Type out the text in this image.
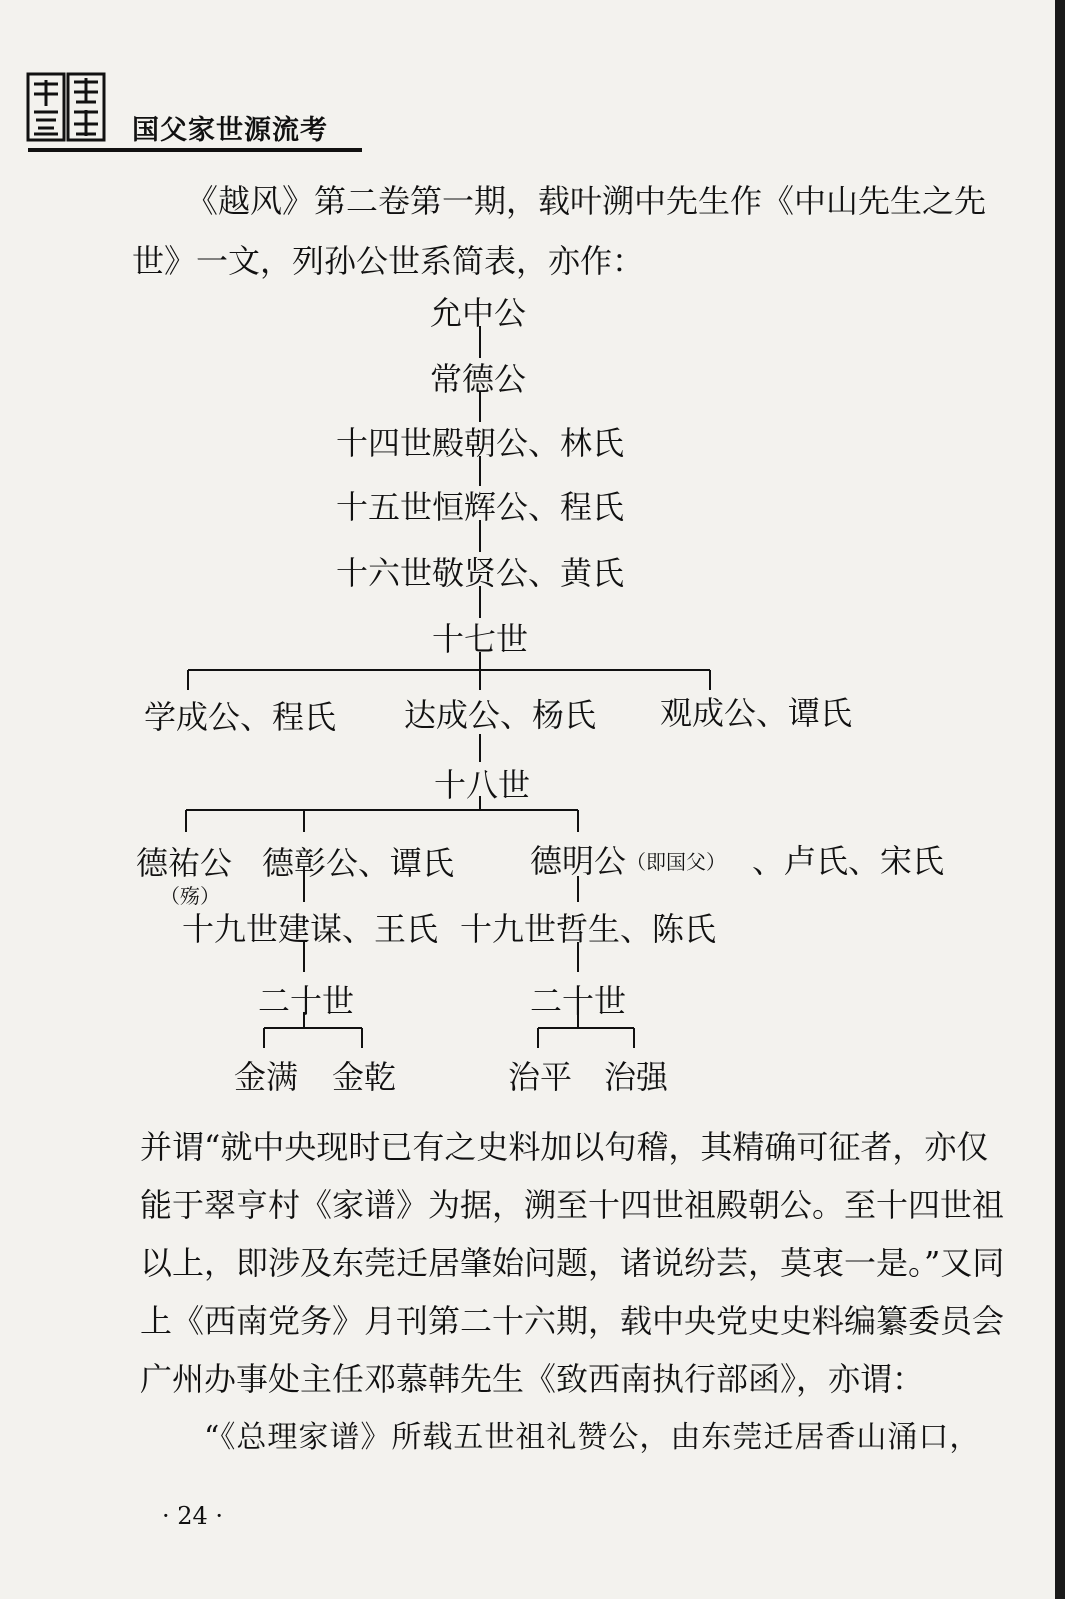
国父家世源流考
《越风》第二卷第一期，载叶溯中先生作《中山先生之先
世》一文，列孙公世系简表，亦作：
允中公
常德公
十四世殿朝公、林氏
十五世恒辉公、程氏
十六世敬贤公、黄氏
十七世
学成公、程氏 达成公、杨氏 观成公、谭氏
十八世
德祐公
（殇）
德彰公、谭氏 德明公 （即国父） 、卢氏、宋氏
十九世建谋、王氏 十九世哲生、陈氏
二十世	二十世
金满 金乾	治平 治强
并谓“就中央现时已有之史料加以句稽，其精确可征者，亦仅
能于翠亨村《家谱》为据，溯至十四世祖殿朝公。至十四世祖
以上，即涉及东莞迁居肇始问题，诸说纷芸，莫衷一是。”又同
上《西南党务》月刊第二十六期，载中央党史史料编纂委员会
广州办事处主任邓慕韩先生《致西南执行部函》，亦谓：
“《总理家谱》所载五世祖礼赞公，由东莞迁居香山涌口，
· 24 ·
